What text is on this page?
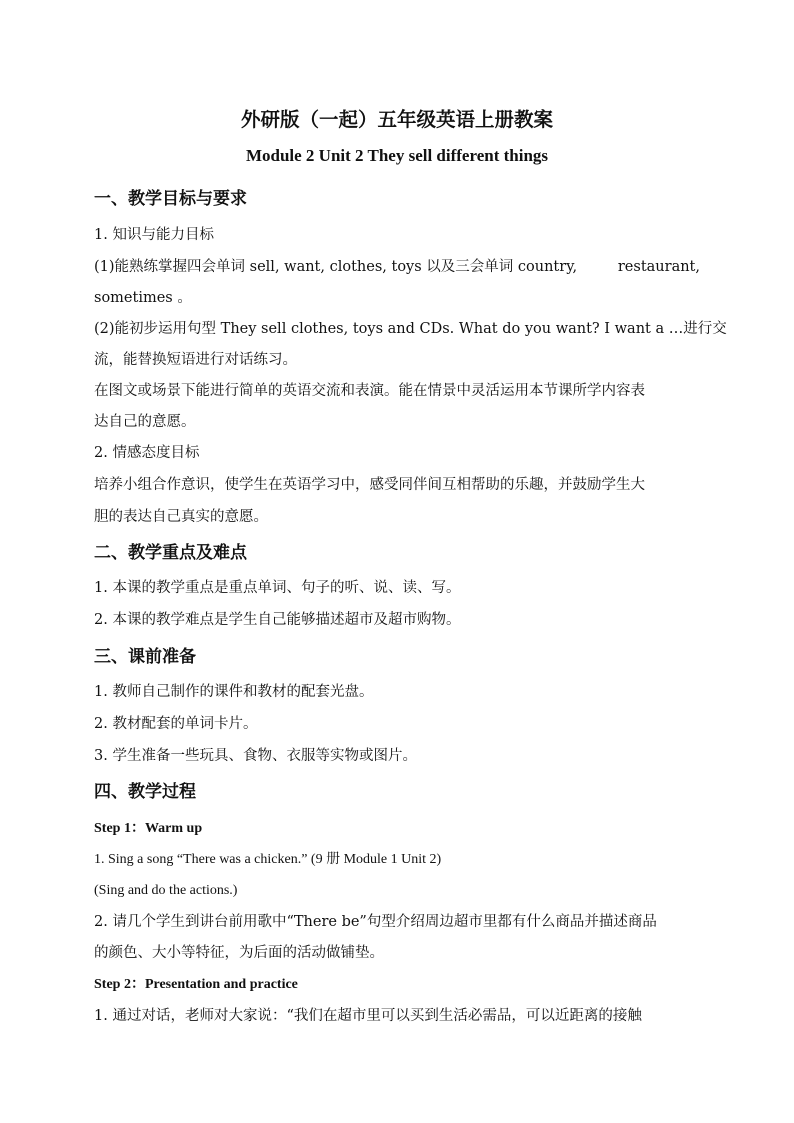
外研版（一起）五年级英语上册教案
Module 2 Unit 2 They sell different things
一、教学目标与要求
1. 知识与能力目标
(1)能熟练掌握四会单词 sell, want, clothes, toys 以及三会单词 country,	restaurant,
sometimes 。
(2)能初步运用句型 They sell clothes, toys and CDs. What do you want? I want a …进行交
流，能替换短语进行对话练习。
在图文或场景下能进行简单的英语交流和表演。能在情景中灵活运用本节课所学内容表
达自己的意愿。
2. 情感态度目标
培养小组合作意识，使学生在英语学习中，感受同伴间互相帮助的乐趣，并鼓励学生大
胆的表达自己真实的意愿。
二、教学重点及难点
1. 本课的教学重点是重点单词、句子的听、说、读、写。
2. 本课的教学难点是学生自己能够描述超市及超市购物。
三、课前准备
1. 教师自己制作的课件和教材的配套光盘。
2. 教材配套的单词卡片。
3. 学生准备一些玩具、食物、衣服等实物或图片。
四、教学过程
Step 1：Warm up
1. Sing a song “There was a chicken.” (9 册 Module 1 Unit 2)
(Sing and do the actions.)
2. 请几个学生到讲台前用歌中“There be”句型介绍周边超市里都有什么商品并描述商品
的颜色、大小等特征，为后面的活动做铺垫。
Step 2：Presentation and practice
1. 通过对话，老师对大家说：“我们在超市里可以买到生活必需品，可以近距离的接触
